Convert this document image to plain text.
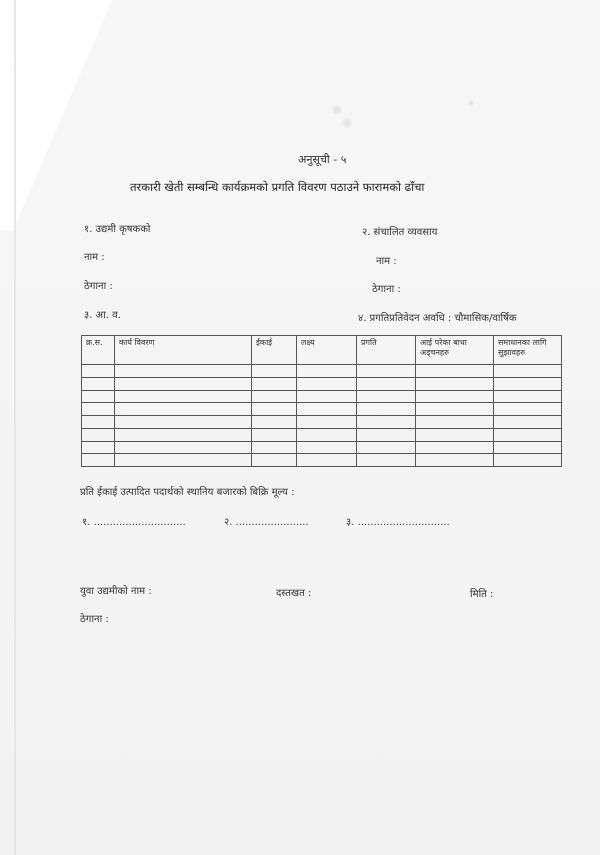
अनुसूची - ५
तरकारी खेती सम्बन्धि कार्यक्रमको प्रगति विवरण पठाउने फारामको ढाँचा
१. उद्यमी कृषकको
नाम :
ठेगाना :
३. आ. व.
२. संचालित व्यवसाय
नाम :
ठेगाना :
४. प्रगतिप्रतिवेदन अवधि : चौमासिक/वार्षिक
क्र.स.	कार्य विवरण	ईकाई	लक्ष्य	प्रगति	आई परेका बाधा अड्चनहरु	समाधानका लागि सुझावहरु

प्रति ईकाई उत्पादित पदार्थको स्थानिय बजारको बिक्रि मूल्य :
१. .............................	२. .......................	३. .............................
युवा उद्यमीको नाम :	दस्तखत :	मिति :
ठेगाना :
